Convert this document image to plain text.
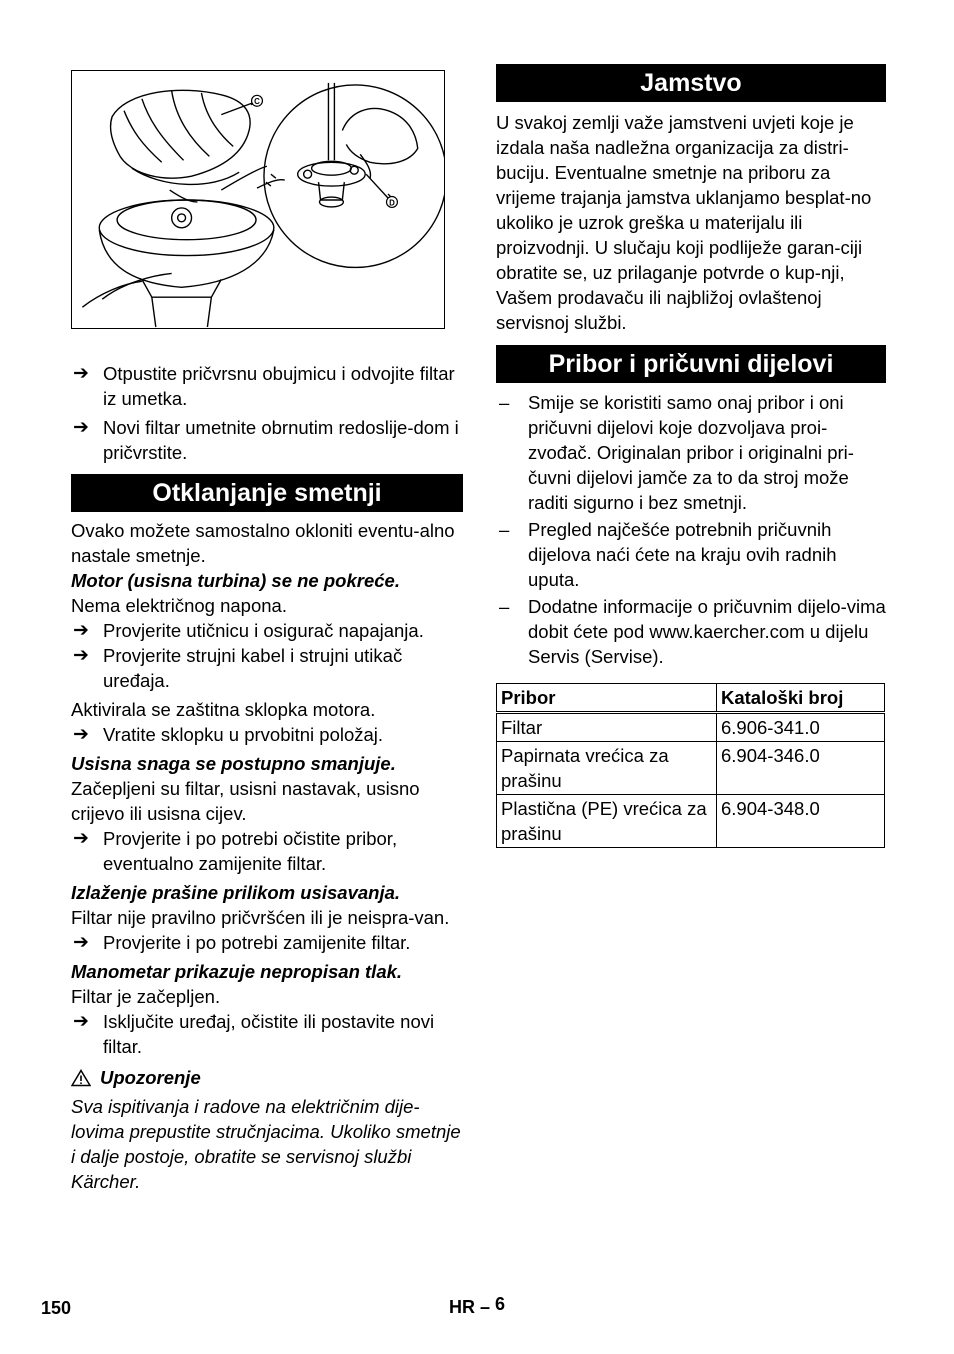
C
D
➔ Otpustite pričvrsnu obujmicu i odvojite filtar iz umetka.
➔ Novi filtar umetnite obrnutim redoslije-dom i pričvrstite.
Otklanjanje smetnji

Ovako možete samostalno okloniti eventu-alno nastale smetnje.

Motor (usisna turbina) se ne pokreće.

Nema električnog napona.

➔ Provjerite utičnicu i osigurač napajanja.
➔ Provjerite strujni kabel i strujni utikač uređaja.

Aktivirala se zaštitna sklopka motora.

➔ Vratite sklopku u prvobitni položaj.

Usisna snaga se postupno smanjuje.

Začepljeni su filtar, usisni nastavak, usisno crijevo ili usisna cijev.

➔ Provjerite i po potrebi očistite pribor, eventualno zamijenite filtar.

Izlaženje prašine prilikom usisavanja.

Filtar nije pravilno pričvršćen ili je neispra-van.

➔ Provjerite i po potrebi zamijenite filtar.

Manometar prikazuje nepropisan tlak.

Filtar je začepljen.

➔ Isključite uređaj, očistite ili postavite novi filtar.
Upozorenje

Sva ispitivanja i radove na električnim dije-lovima prepustite stručnjacima. Ukoliko smetnje i dalje postoje, obratite se servisnoj službi Kärcher.

Jamstvo

U svakoj zemlji važe jamstveni uvjeti koje je izdala naša nadležna organizacija za distri-buciju. Eventualne smetnje na priboru za vrijeme trajanja jamstva uklanjamo besplat-no ukoliko je uzrok greška u materijalu ili proizvodnji. U slučaju koji podliježe garan-ciji obratite se, uz prilaganje potvrde o kup-nji, Vašem prodavaču ili najbližoj ovlaštenoj servisnoj službi.

Pribor i pričuvni dijelovi
– Smije se koristiti samo onaj pribor i oni pričuvni dijelovi koje dozvoljava proi-zvođač. Originalan pribor i originalni pri-čuvni dijelovi jamče za to da stroj može raditi sigurno i bez smetnji.
– Pregled najčešće potrebnih pričuvnih dijelova naći ćete na kraju ovih radnih uputa.
– Dodatne informacije o pričuvnim dijelo-vima dobit ćete pod www.kaercher.com u dijelu Servis (Servise).
Pribor	Kataloški broj
Filtar	6.906-341.0
Papirnata vrećica za prašinu	6.904-346.0
Plastična (PE) vrećica za prašinu	6.904-348.0
150	HR – 6
